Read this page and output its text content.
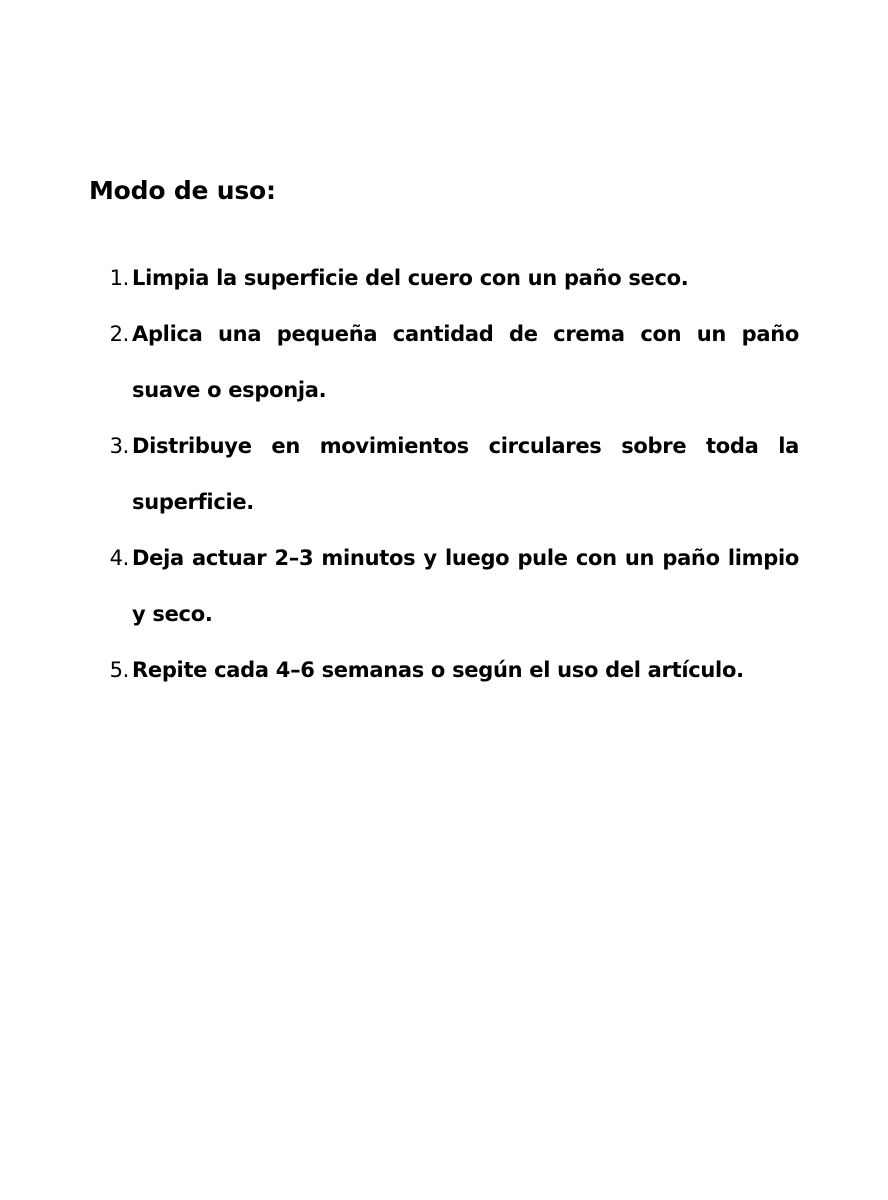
Modo de uso:
1. Limpia la superficie del cuero con un paño seco.
2. Aplica una pequeña cantidad de crema con un paño suave o esponja.
3. Distribuye en movimientos circulares sobre toda la superficie.
4. Deja actuar 2–3 minutos y luego pule con un paño limpio y seco.
5. Repite cada 4–6 semanas o según el uso del artículo.
